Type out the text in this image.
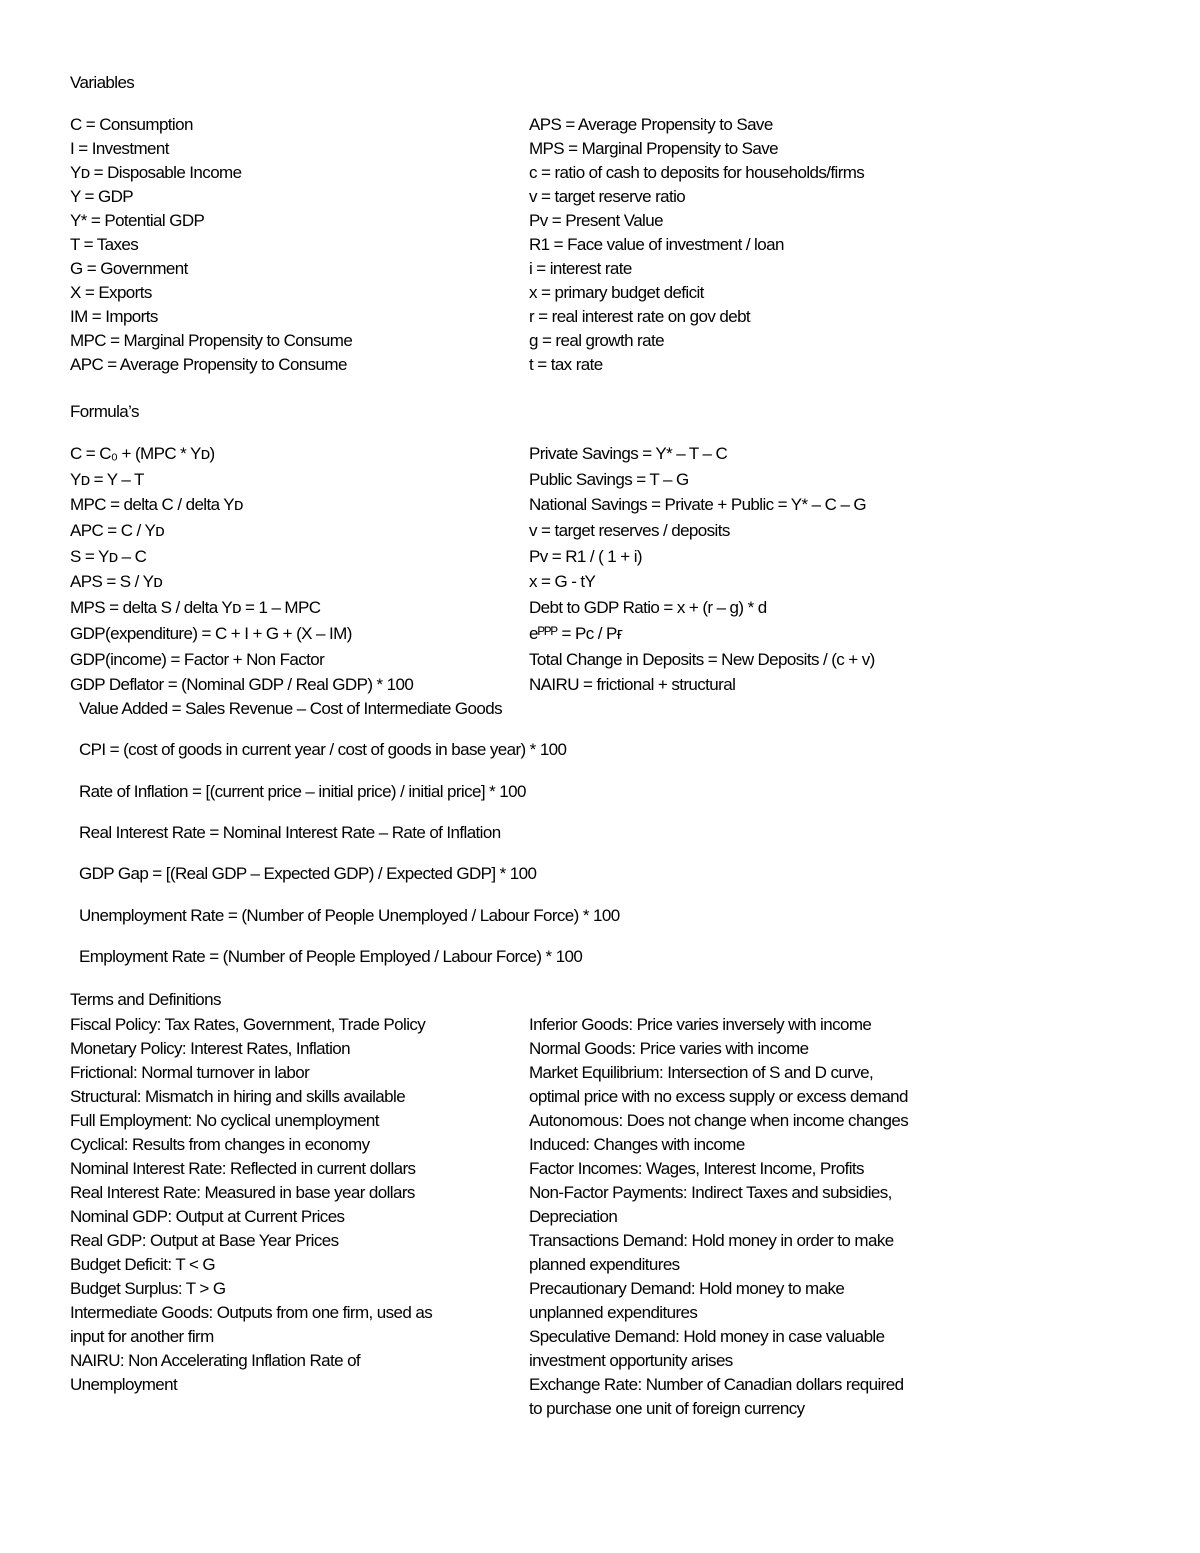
Variables
C = Consumption
I = Investment
Yᴅ = Disposable Income
Y = GDP
Y* = Potential GDP
T = Taxes
G = Government
X = Exports
IM = Imports
MPC = Marginal Propensity to Consume
APC = Average Propensity to Consume
APS = Average Propensity to Save
MPS = Marginal Propensity to Save
c = ratio of cash to deposits for households/firms
v = target reserve ratio
Pv = Present Value
R1 = Face value of investment / loan
i = interest rate
x = primary budget deficit
r = real interest rate on gov debt
g = real growth rate
t = tax rate
Formula’s
C = C₀ + (MPC * Yᴅ)
Yᴅ = Y – T
MPC = delta C / delta Yᴅ
APC = C / Yᴅ
S = Yᴅ – C
APS = S / Yᴅ
MPS = delta S / delta Yᴅ = 1 – MPC
GDP(expenditure) = C + I + G + (X – IM)
GDP(income) = Factor + Non Factor
GDP Deflator = (Nominal GDP / Real GDP) * 100
Private Savings = Y* – T – C
Public Savings = T – G
National Savings = Private + Public = Y* – C – G
v = target reserves / deposits
Pv = R1 / ( 1 + i)
x = G - tY
Debt to GDP Ratio = x + (r – g) * d
eᴾᴾᴾ = Pᴄ / Pғ
Total Change in Deposits = New Deposits / (c + v)
NAIRU = frictional + structural
Value Added = Sales Revenue – Cost of Intermediate Goods
CPI = (cost of goods in current year / cost of goods in base year) * 100
Rate of Inflation = [(current price – initial price) / initial price] * 100
Real Interest Rate = Nominal Interest Rate – Rate of Inflation
GDP Gap = [(Real GDP – Expected GDP) / Expected GDP] * 100
Unemployment Rate = (Number of People Unemployed / Labour Force) * 100
Employment Rate = (Number of People Employed / Labour Force) * 100
Terms and Definitions
Fiscal Policy: Tax Rates, Government, Trade Policy
Monetary Policy: Interest Rates, Inflation
Frictional: Normal turnover in labor
Structural: Mismatch in hiring and skills available
Full Employment: No cyclical unemployment
Cyclical: Results from changes in economy
Nominal Interest Rate: Reflected in current dollars
Real Interest Rate: Measured in base year dollars
Nominal GDP: Output at Current Prices
Real GDP: Output at Base Year Prices
Budget Deficit: T < G
Budget Surplus: T > G
Intermediate Goods: Outputs from one firm, used as
input for another firm
NAIRU: Non Accelerating Inflation Rate of
Unemployment
Inferior Goods: Price varies inversely with income
Normal Goods: Price varies with income
Market Equilibrium: Intersection of S and D curve,
optimal price with no excess supply or excess demand
Autonomous: Does not change when income changes
Induced: Changes with income
Factor Incomes: Wages, Interest Income, Profits
Non-Factor Payments: Indirect Taxes and subsidies,
Depreciation
Transactions Demand: Hold money in order to make
planned expenditures
Precautionary Demand: Hold money to make
unplanned expenditures
Speculative Demand: Hold money in case valuable
investment opportunity arises
Exchange Rate: Number of Canadian dollars required
to purchase one unit of foreign currency
